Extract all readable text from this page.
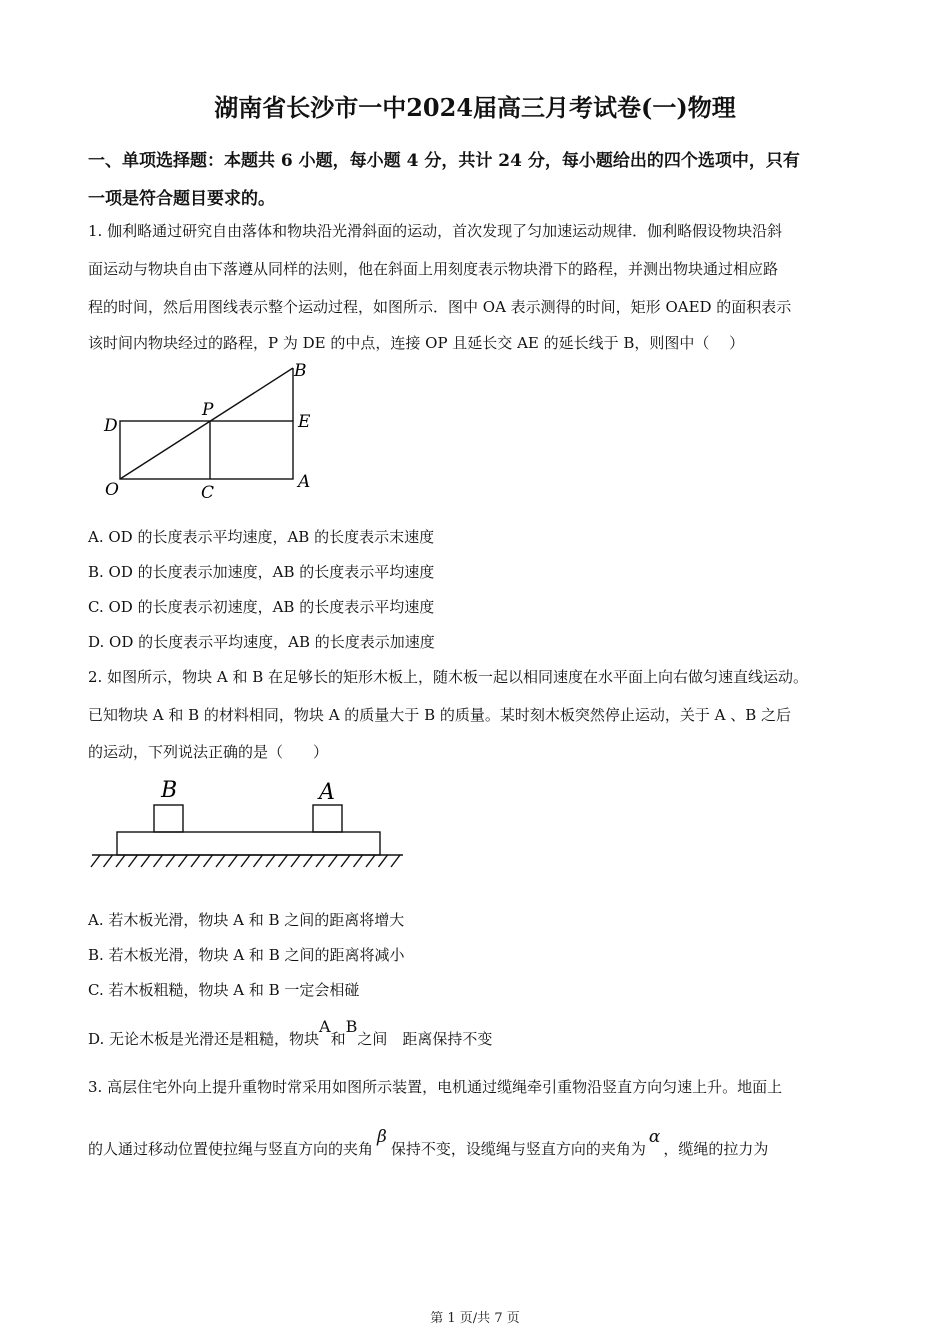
湖南省长沙市一中2024届高三月考试卷(一)物理
一、单项选择题：本题共 6 小题，每小题 4 分，共计 24 分，每小题给出的四个选项中，只有
一项是符合题目要求的。
1. 伽利略通过研究自由落体和物块沿光滑斜面的运动，首次发现了匀加速运动规律．伽利略假设物块沿斜
面运动与物块自由下落遵从同样的法则，他在斜面上用刻度表示物块滑下的路程，并测出物块通过相应路
程的时间，然后用图线表示整个运动过程，如图所示．图中 OA 表示测得的时间，矩形 OAED 的面积表示
该时间内物块经过的路程，P 为 DE 的中点，连接 OP 且延长交 AE 的延长线于 B，则图中（　 ）
B
P
D	E
O	C
A
A. OD 的长度表示平均速度，AB 的长度表示末速度
B. OD 的长度表示加速度，AB 的长度表示平均速度
C. OD 的长度表示初速度，AB 的长度表示平均速度
D. OD 的长度表示平均速度，AB 的长度表示加速度
2. 如图所示，物块 A 和 B 在足够长的矩形木板上，随木板一起以相同速度在水平面上向右做匀速直线运动。
已知物块 A 和 B 的材料相同，物块 A 的质量大于 B 的质量。某时刻木板突然停止运动，关于 A 、B 之后
的运动，下列说法正确的是（　　）
B	A
A. 若木板光滑，物块 A 和 B 之间的距离将增大
B. 若木板光滑，物块 A 和 B 之间的距离将减小
C. 若木板粗糙，物块 A 和 B 一定会相碰
D. 无论木板是光滑还是粗糙，物块A和B之间　距离保持不变
3. 高层住宅外向上提升重物时常采用如图所示装置，电机通过缆绳牵引重物沿竖直方向匀速上升。地面上
的人通过移动位置使拉绳与竖直方向的夹角β保持不变，设缆绳与竖直方向的夹角为α，缆绳的拉力为
第 1 页/共 7 页
